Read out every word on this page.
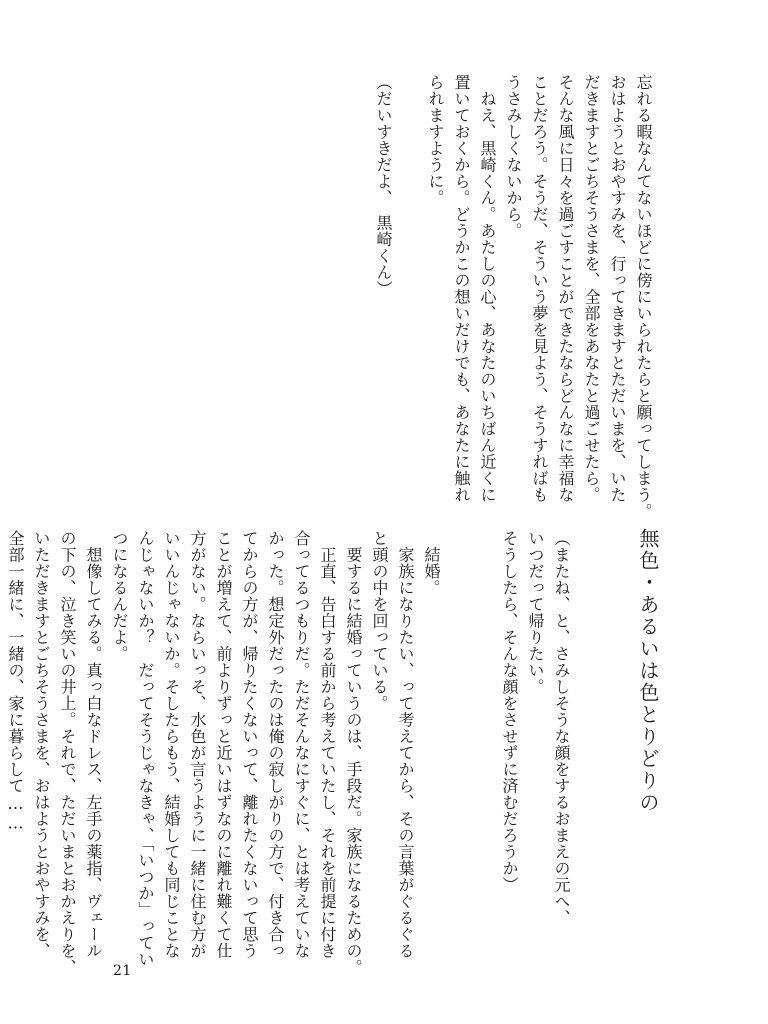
忘れる暇なんてないほどに傍にいられたらと願ってしまう。
おはようとおやすみを、行ってきますとただいまを、いた
だきますとごちそうさまを、全部をあなたと過ごせたら。
そんな風に日々を過ごすことができたならどんなに幸福な
ことだろう。そうだ、そういう夢を見よう、そうすればも
うさみしくないから。
　ねえ、黒崎くん。あたしの心、あなたのいちばん近くに
置いておくから。どうかこの想いだけでも、あなたに触れ
られますように。

（だいすきだよ、　黒崎くん）
無色・あるいは色とりどりの

（またね、と、さみしそうな顔をするおまえの元へ、
いつだって帰りたい。
そうしたら、そんな顔をさせずに済むだろうか）

　結婚。
　家族になりたい、って考えてから、その言葉がぐるぐる
と頭の中を回っている。
　要するに結婚っていうのは、手段だ。家族になるための。
　正直、告白する前から考えていたし、それを前提に付き
合ってるつもりだ。ただそんなにすぐに、とは考えていな
かった。想定外だったのは俺の寂しがりの方で、付き合っ
てからの方が、帰りたくないって、離れたくないって思う
ことが増えて、前よりずっと近いはずなのに離れ難くて仕
方がない。ならいっそ、水色が言うように一緒に住む方が
いいんじゃないか。そしたらもう、結婚しても同じことな
んじゃないか？　だってそうじゃなきゃ、「いつか」ってい
つになるんだよ。
　想像してみる。真っ白なドレス、左手の薬指、ヴェール
の下の、泣き笑いの井上。それで、ただいまとおかえりを、
いただきますとごちそうさまを、おはようとおやすみを、
全部一緒に、一緒の、家に暮らして……
21
